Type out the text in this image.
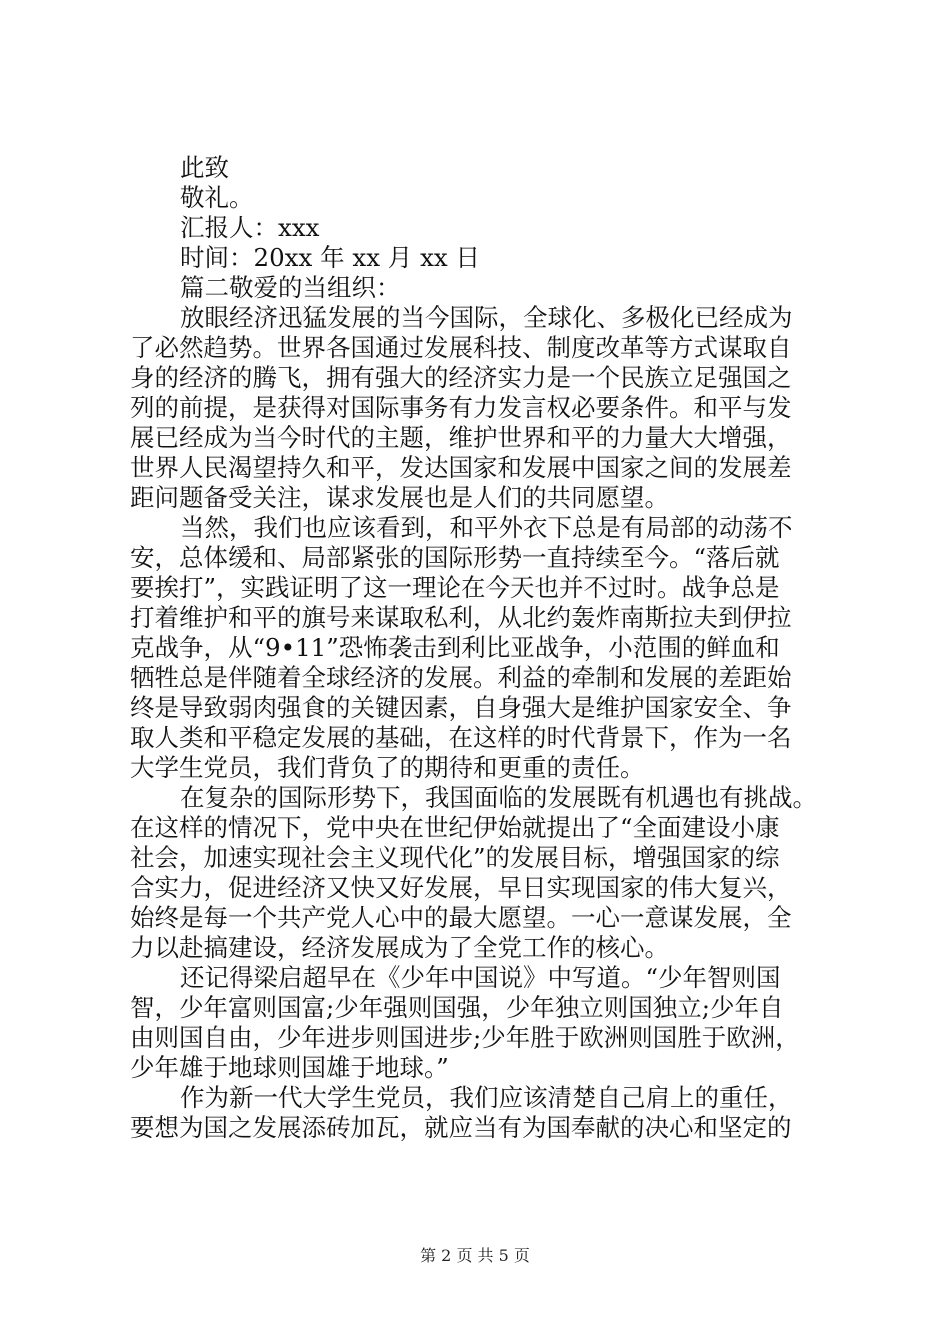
此致
敬礼。
汇报人：xxx
时间：20xx 年 xx 月 xx 日
篇二敬爱的当组织：
放眼经济迅猛发展的当今国际，全球化、多极化已经成为
了必然趋势。世界各国通过发展科技、制度改革等方式谋取自
身的经济的腾飞，拥有强大的经济实力是一个民族立足强国之
列的前提，是获得对国际事务有力发言权必要条件。和平与发
展已经成为当今时代的主题，维护世界和平的力量大大增强，
世界人民渴望持久和平，发达国家和发展中国家之间的发展差
距问题备受关注，谋求发展也是人们的共同愿望。
当然，我们也应该看到，和平外衣下总是有局部的动荡不
安，总体缓和、局部紧张的国际形势一直持续至今。“落后就
要挨打”，实践证明了这一理论在今天也并不过时。战争总是
打着维护和平的旗号来谋取私利，从北约轰炸南斯拉夫到伊拉
克战争，从“9•11”恐怖袭击到利比亚战争，小范围的鲜血和
牺牲总是伴随着全球经济的发展。利益的牵制和发展的差距始
终是导致弱肉强食的关键因素，自身强大是维护国家安全、争
取人类和平稳定发展的基础，在这样的时代背景下，作为一名
大学生党员，我们背负了的期待和更重的责任。
在复杂的国际形势下，我国面临的发展既有机遇也有挑战。
在这样的情况下，党中央在世纪伊始就提出了“全面建设小康
社会，加速实现社会主义现代化”的发展目标，增强国家的综
合实力，促进经济又快又好发展，早日实现国家的伟大复兴，
始终是每一个共产党人心中的最大愿望。一心一意谋发展，全
力以赴搞建设，经济发展成为了全党工作的核心。
还记得梁启超早在《少年中国说》中写道。“少年智则国
智，少年富则国富;少年强则国强，少年独立则国独立;少年自
由则国自由，少年进步则国进步;少年胜于欧洲则国胜于欧洲，
少年雄于地球则国雄于地球。”
作为新一代大学生党员，我们应该清楚自己肩上的重任，
要想为国之发展添砖加瓦，就应当有为国奉献的决心和坚定的
第 2 页 共 5 页
